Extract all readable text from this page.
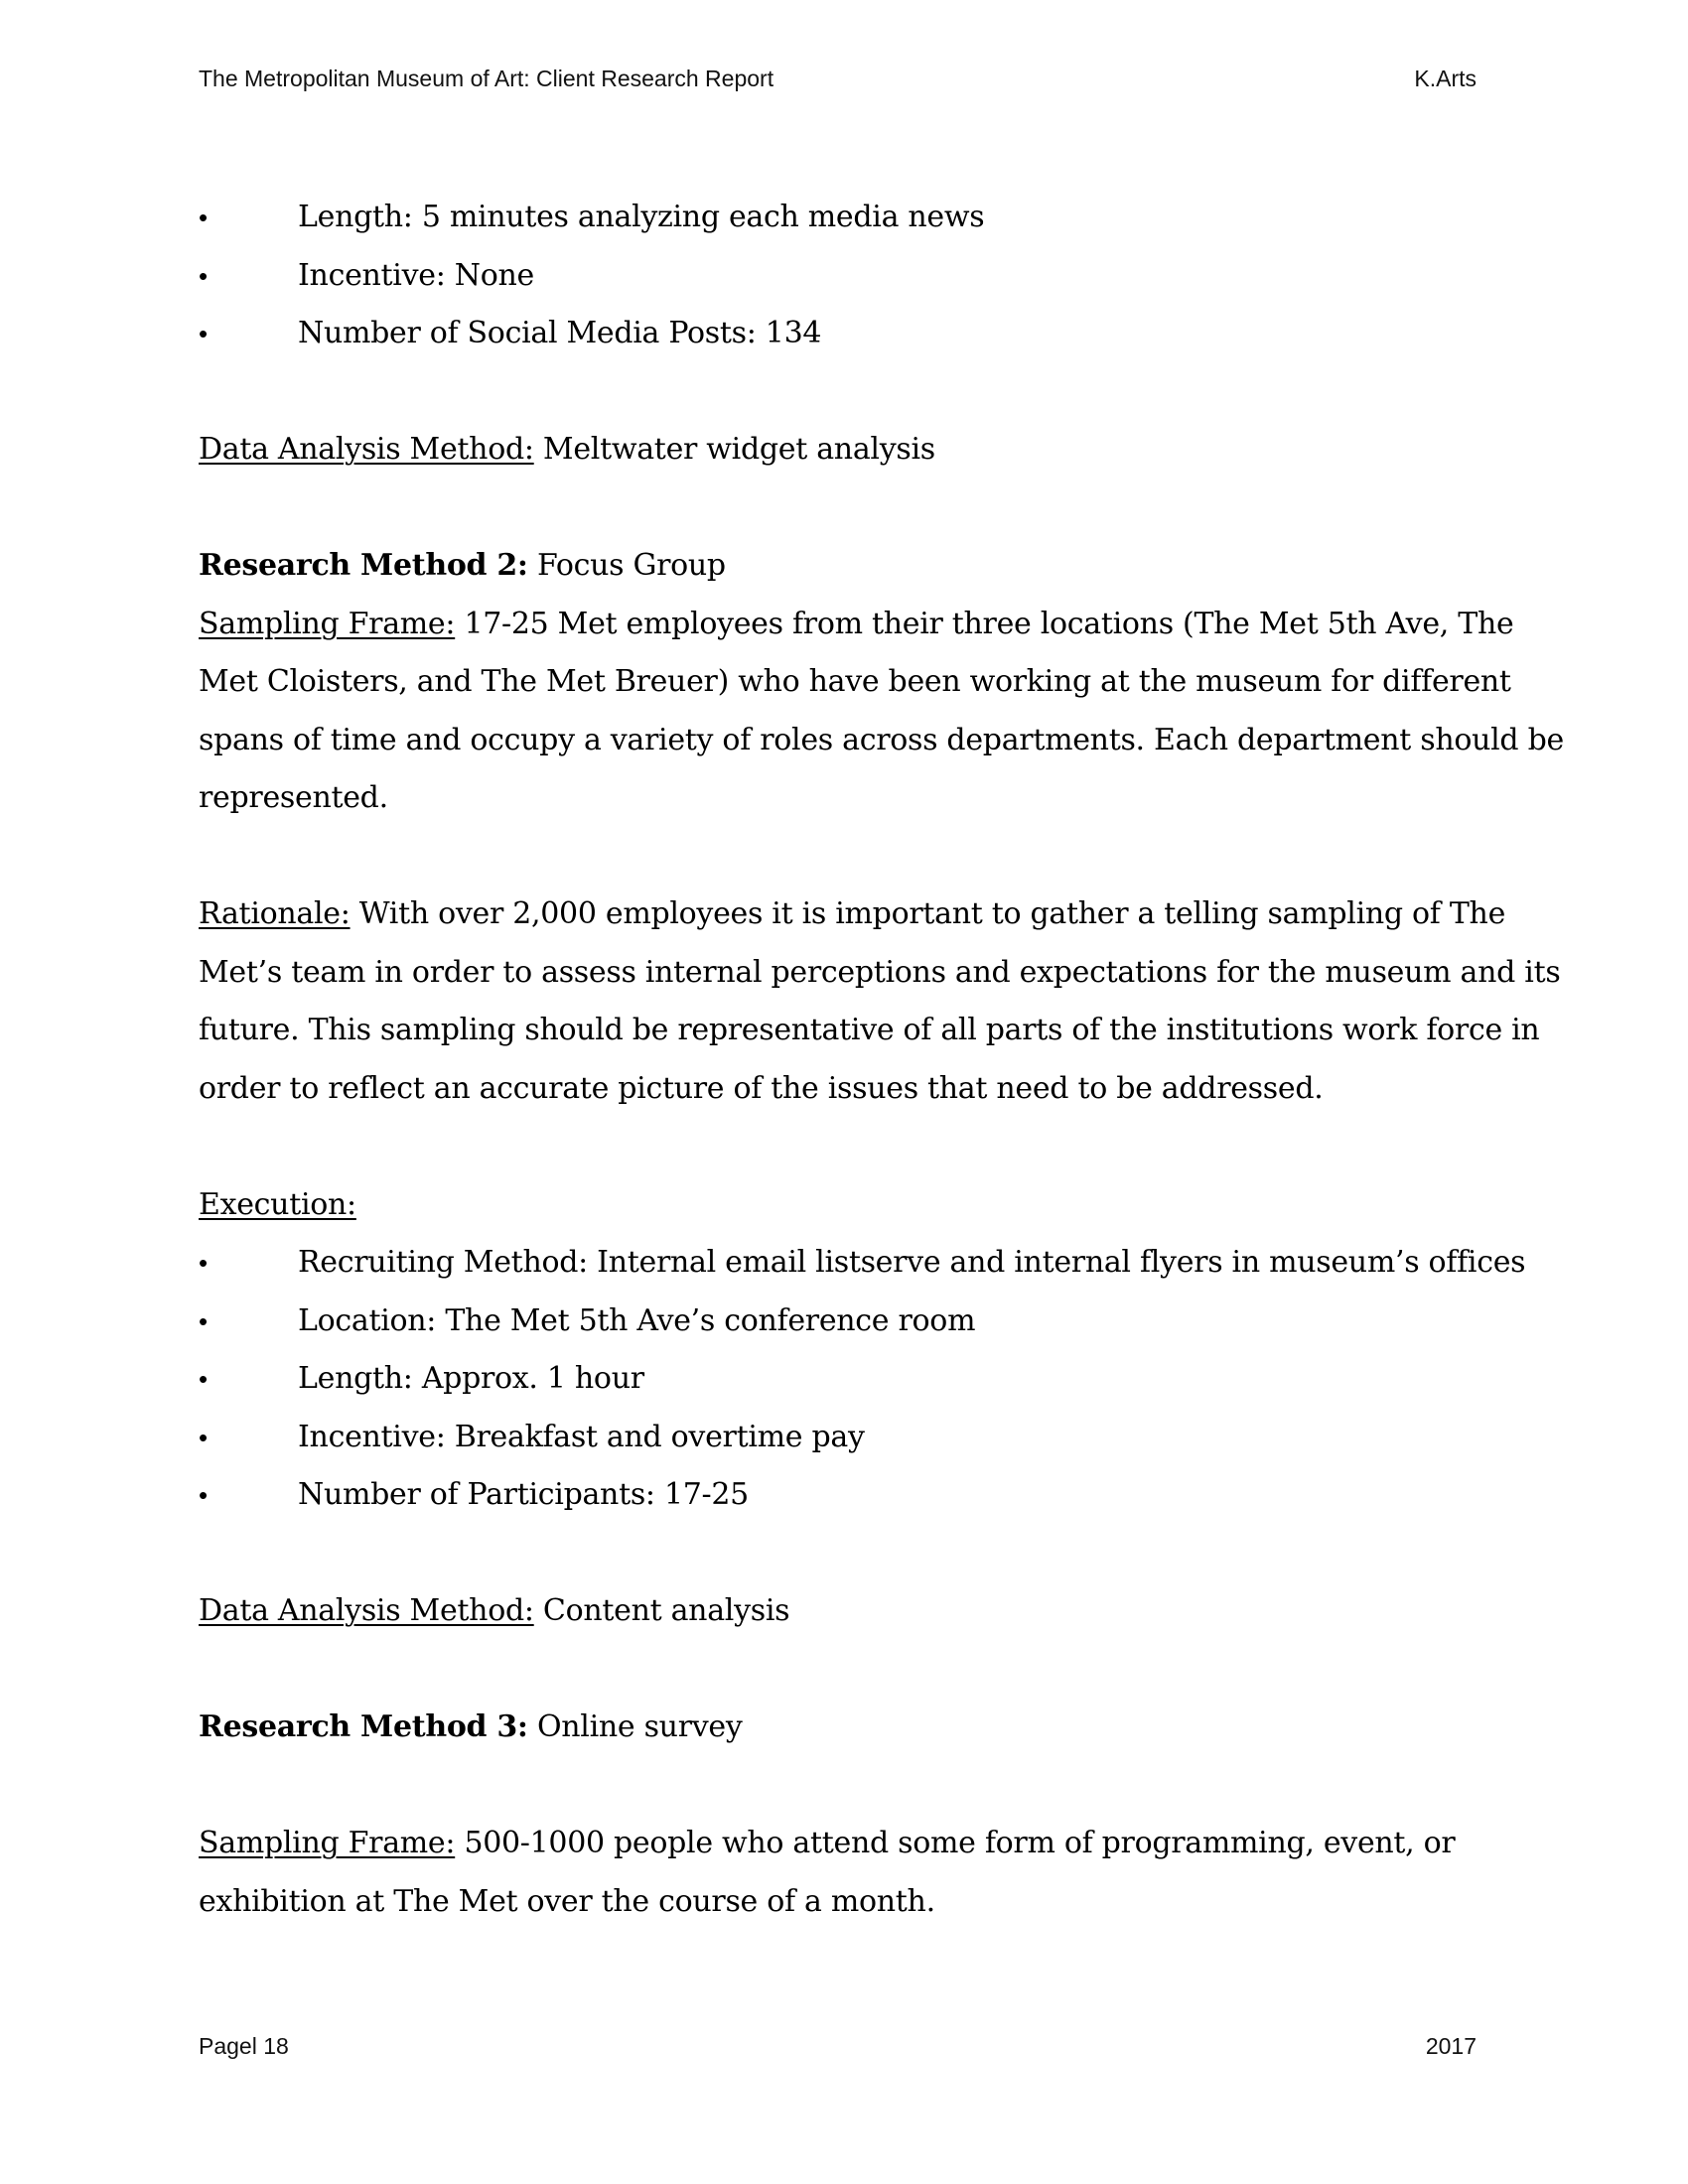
The Metropolitan Museum of Art: Client Research Report	K.Arts
•	Length: 5 minutes analyzing each media news
•	Incentive: None
•	Number of Social Media Posts: 134
Data Analysis Method: Meltwater widget analysis
Research Method 2: Focus Group
Sampling Frame: 17-25 Met employees from their three locations (The Met 5th Ave, The
Met Cloisters, and The Met Breuer) who have been working at the museum for different
spans of time and occupy a variety of roles across departments. Each department should be
represented.
Rationale: With over 2,000 employees it is important to gather a telling sampling of The
Met’s team in order to assess internal perceptions and expectations for the museum and its
future. This sampling should be representative of all parts of the institutions work force in
order to reflect an accurate picture of the issues that need to be addressed.
Execution:
•	Recruiting Method: Internal email listserve and internal flyers in museum’s offices
•	Location: The Met 5th Ave’s conference room
•	Length: Approx. 1 hour
•	Incentive: Breakfast and overtime pay
•	Number of Participants: 17-25
Data Analysis Method: Content analysis
Research Method 3: Online survey
Sampling Frame: 500-1000 people who attend some form of programming, event, or
exhibition at The Met over the course of a month.
Pagel 18	2017
